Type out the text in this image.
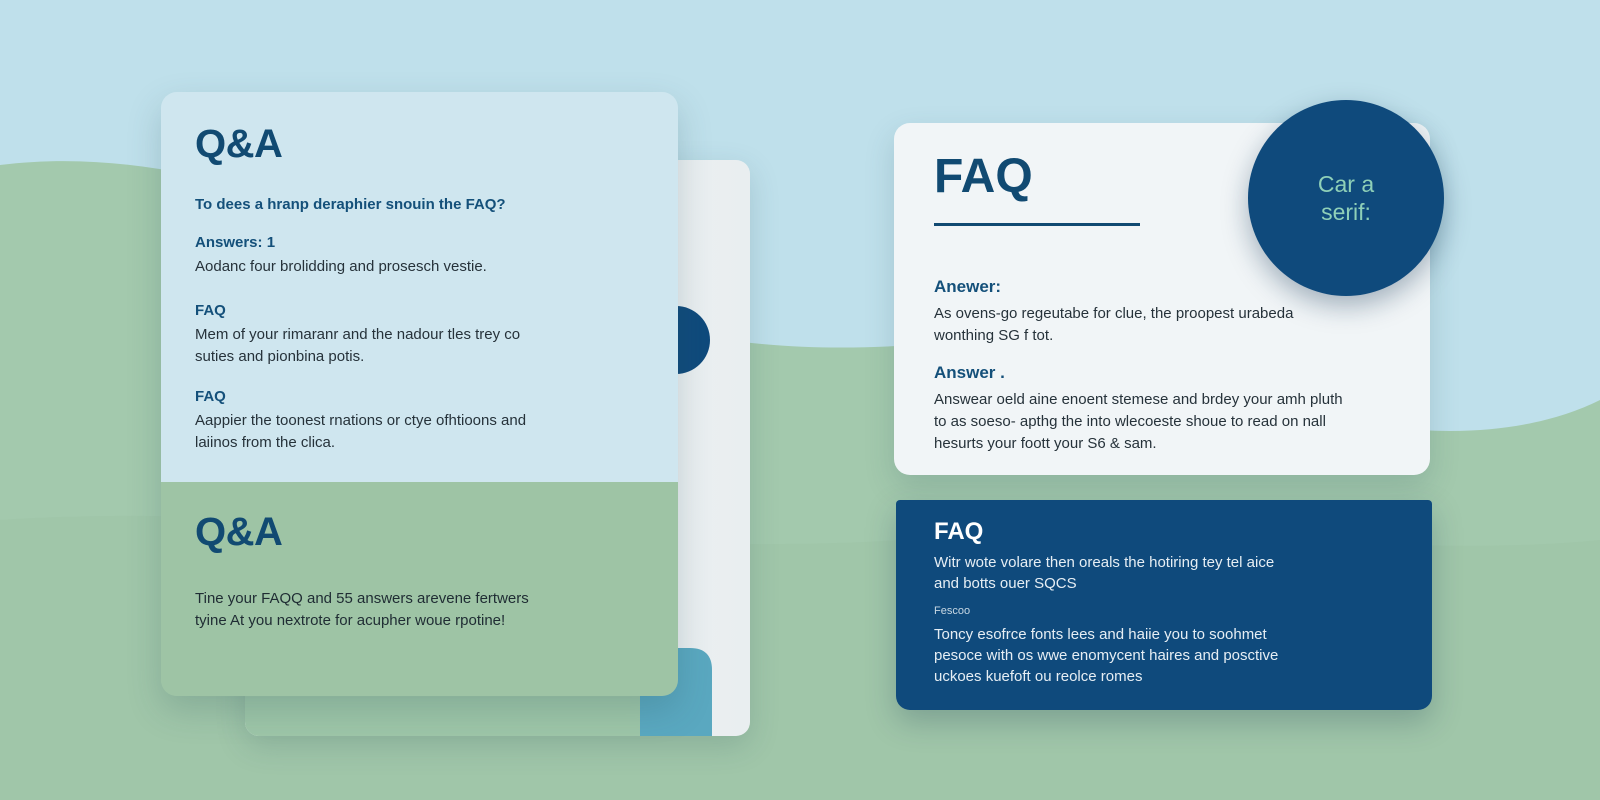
Q&A
To dees a hranp deraphier snouin the FAQ?
Answers: 1
Aodanc four brolidding and prosesch vestie.
FAQ
Mem of your rimaranr and the nadour tles trey co
suties and pionbina potis.
FAQ
Aappier the toonest rnations or ctye ofhtioons and
laiinos from the clica.
Q&A
Tine your FAQQ and 55 answers arevene fertwers
tyine At you nextrote for acupher woue rpotine!
FAQ
Anewer:
As ovens-go regeutabe for clue, the proopest urabeda
wonthing SG f tot.
Answer .
Answear oeld aine enoent stemese and brdey your amh pluth
to as soeso- apthg the into wlecoeste shoue to read on nall
hesurts your foott your S6 & sam.
Car a
serif:
FAQ
Witr wote volare then oreals the hotiring tey tel aice
and botts ouer SQCS
Fescoo
Toncy esofrce fonts lees and haiie you to soohmet
pesoce with os wwe enomycent haires and posctive
uckoes kuefoft ou reolce romes
